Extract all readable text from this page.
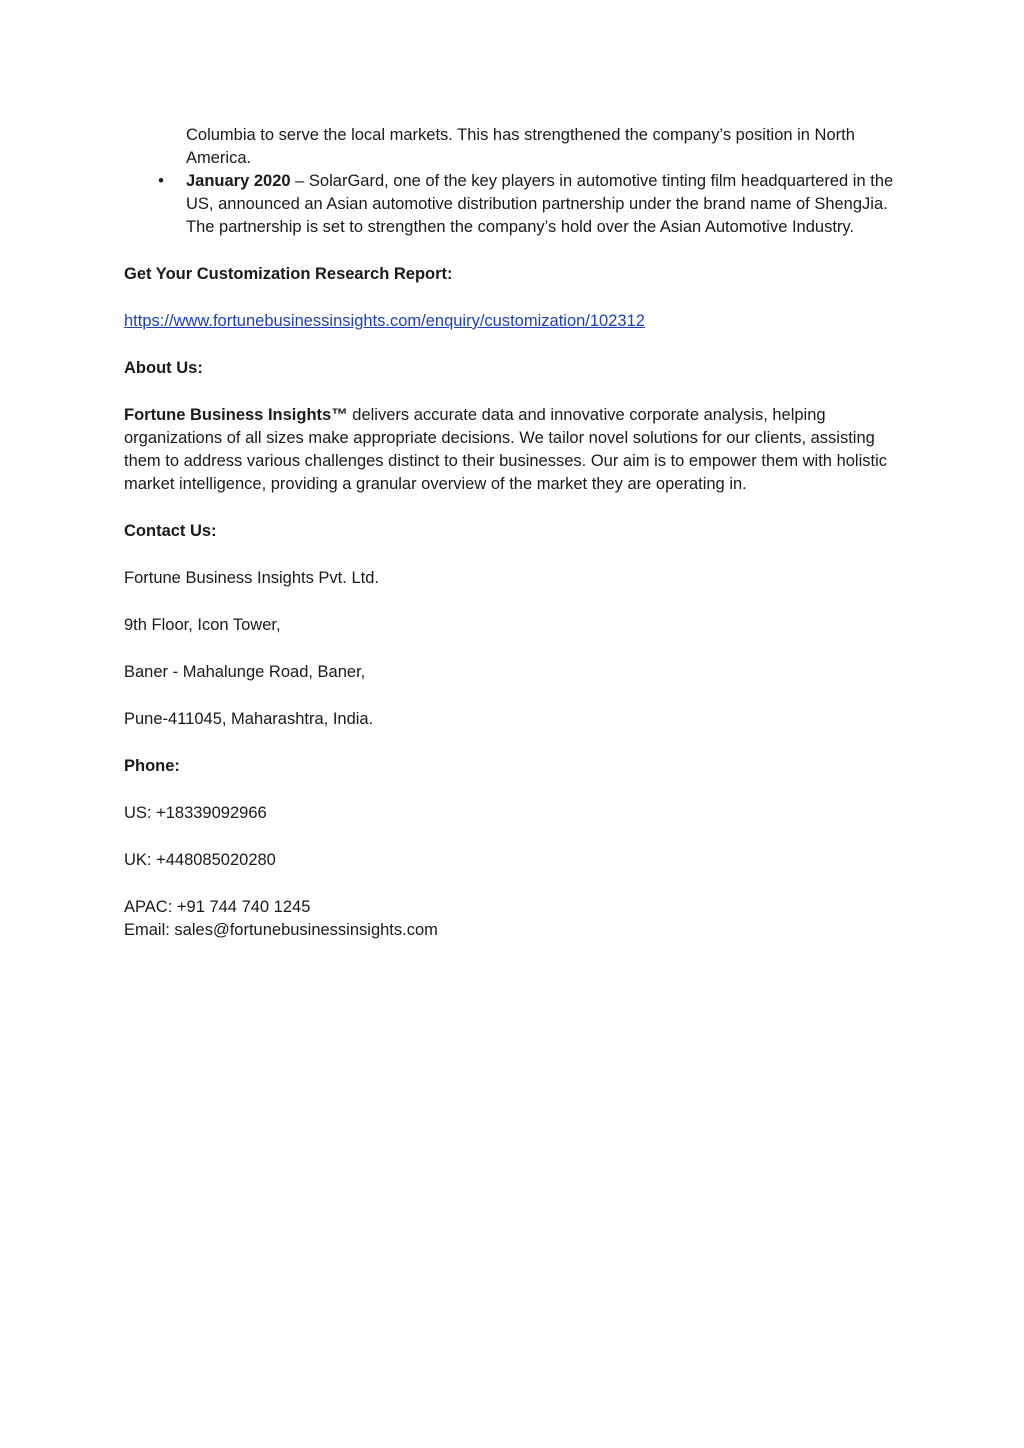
Columbia to serve the local markets. This has strengthened the company’s position in North America.

• January 2020 – SolarGard, one of the key players in automotive tinting film headquartered in the US, announced an Asian automotive distribution partnership under the brand name of ShengJia. The partnership is set to strengthen the company’s hold over the Asian Automotive Industry.

Get Your Customization Research Report:

https://www.fortunebusinessinsights.com/enquiry/customization/102312

About Us:

Fortune Business Insights™ delivers accurate data and innovative corporate analysis, helping organizations of all sizes make appropriate decisions. We tailor novel solutions for our clients, assisting them to address various challenges distinct to their businesses. Our aim is to empower them with holistic market intelligence, providing a granular overview of the market they are operating in.

Contact Us:

Fortune Business Insights Pvt. Ltd.

9th Floor, Icon Tower,

Baner - Mahalunge Road, Baner,

Pune-411045, Maharashtra, India.

Phone:

US: +18339092966

UK: +448085020280

APAC: +91 744 740 1245

Email: sales@fortunebusinessinsights.com
